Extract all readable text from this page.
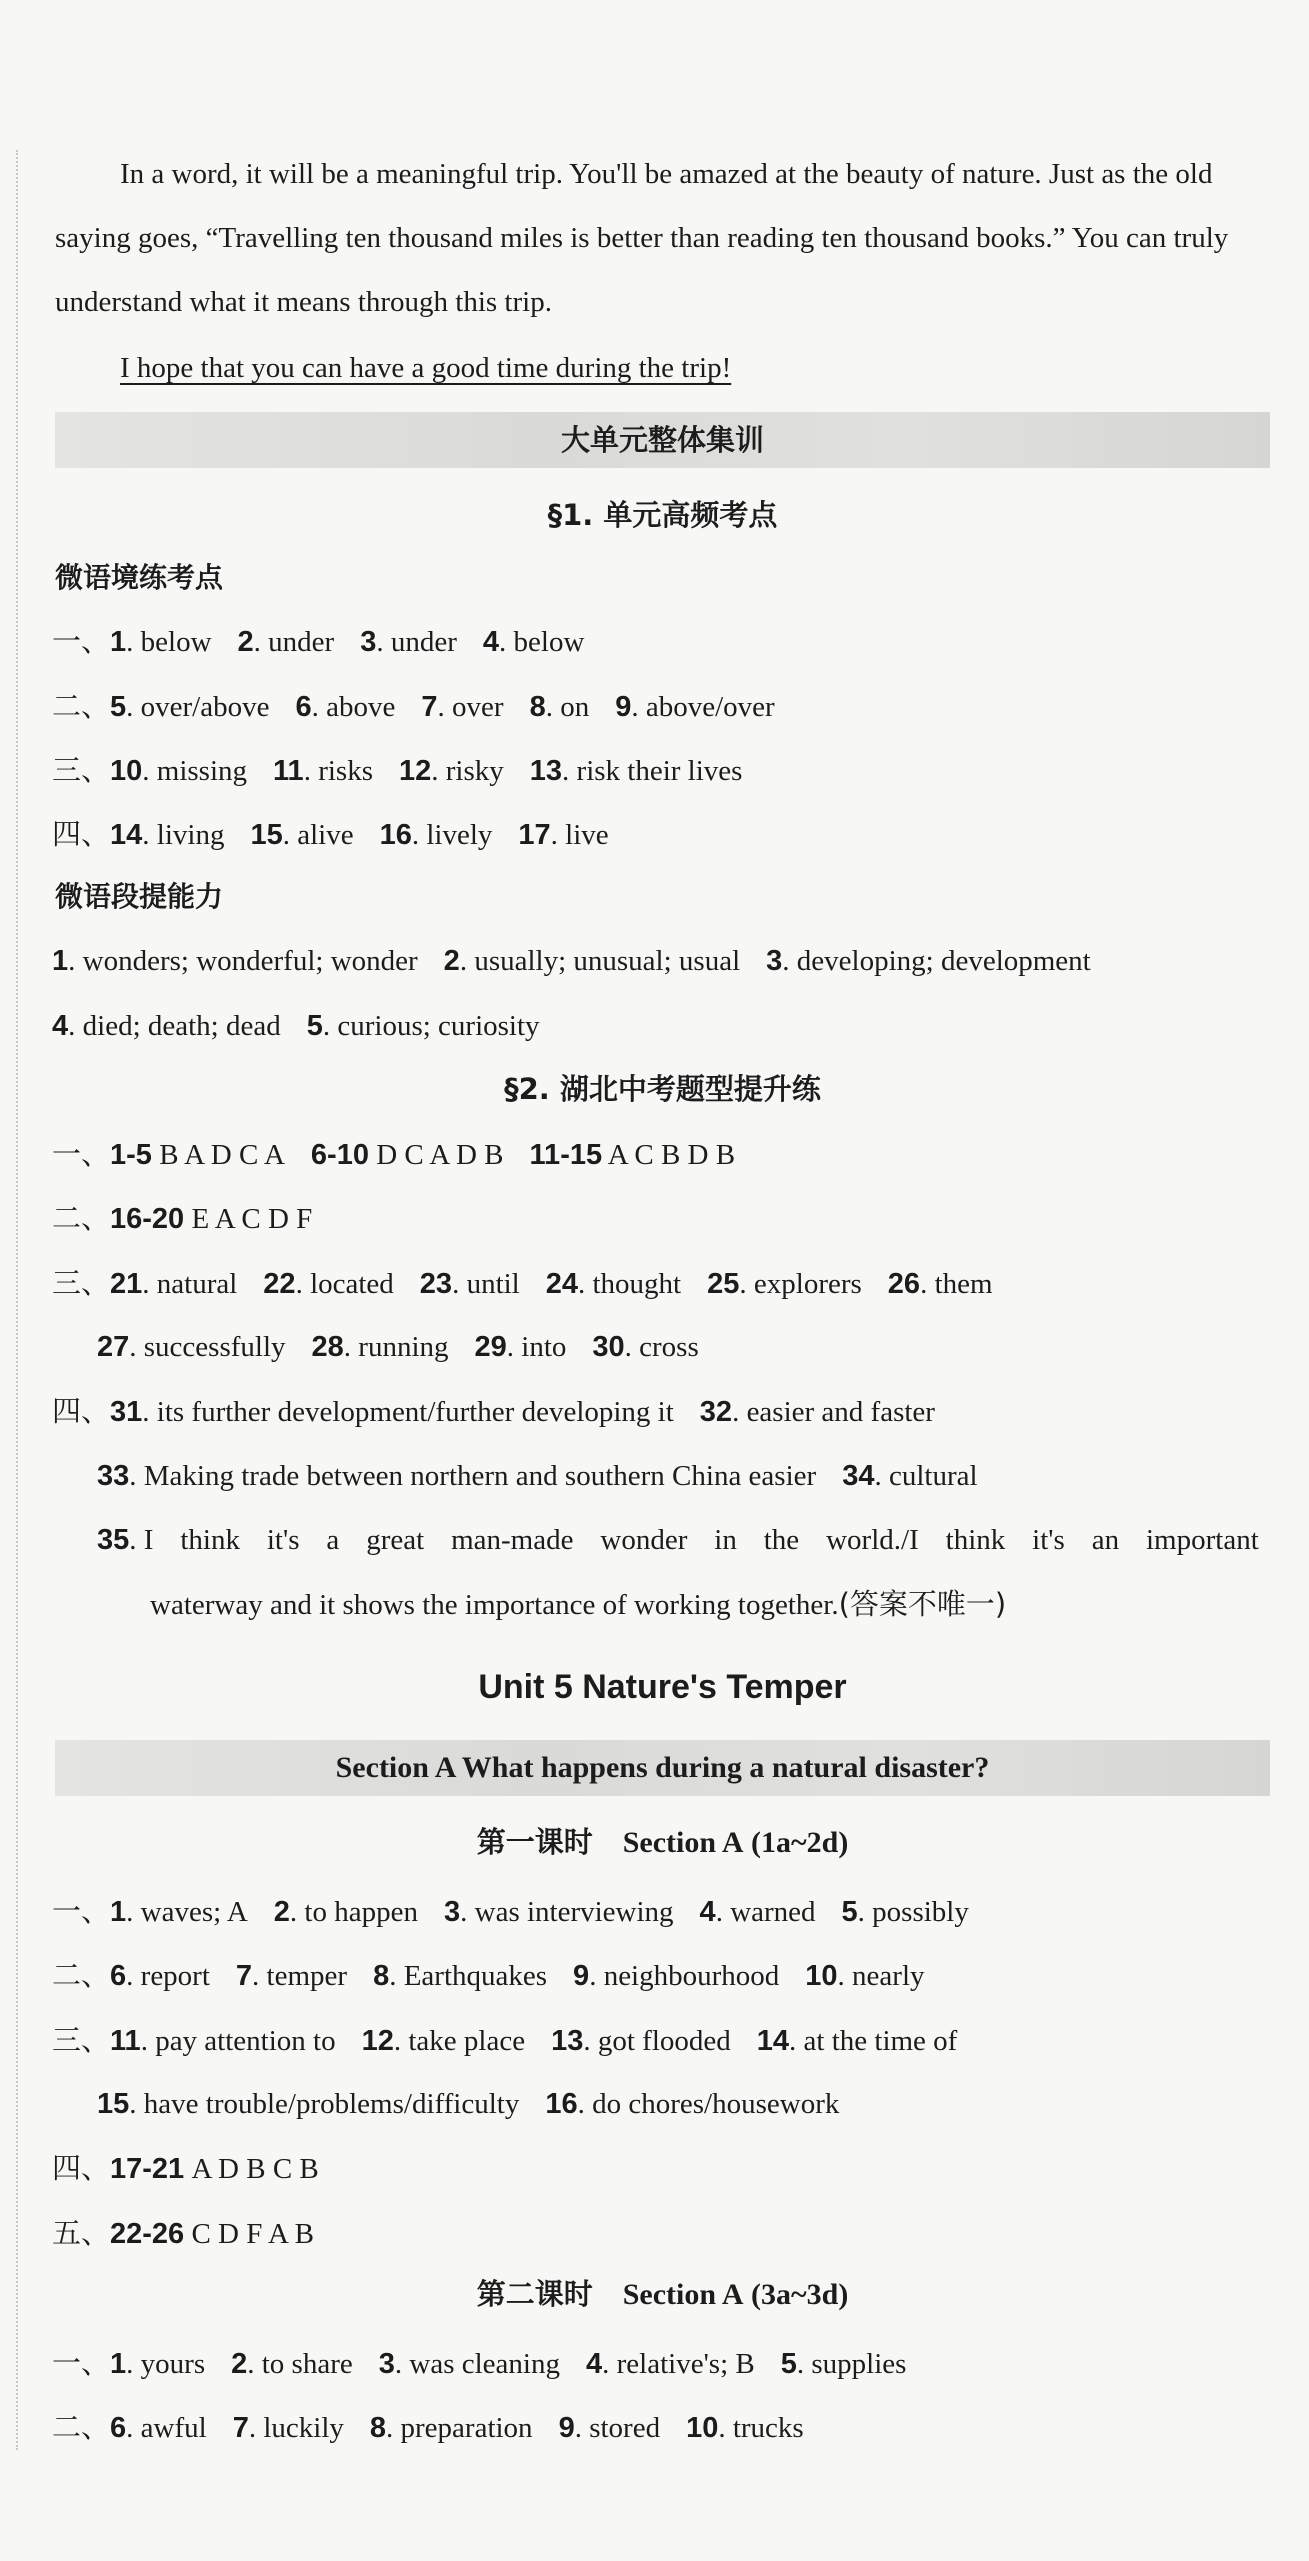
In a word, it will be a meaningful trip. You'll be amazed at the beauty of nature. Just as the old saying goes, “Travelling ten thousand miles is better than reading ten thousand books.” You can truly understand what it means through this trip.
I hope that you can have a good time during the trip!
大单元整体集训
§1. 单元高频考点
微语境练考点
一、1. below 2. under 3. under 4. below
二、5. over/above 6. above 7. over 8. on 9. above/over
三、10. missing 11. risks 12. risky 13. risk their lives
四、14. living 15. alive 16. lively 17. live
微语段提能力
1. wonders; wonderful; wonder 2. usually; unusual; usual 3. developing; development
4. died; death; dead 5. curious; curiosity
§2. 湖北中考题型提升练
一、1-5 B A D C A 6-10 D C A D B 11-15 A C B D B
二、16-20 E A C D F
三、21. natural 22. located 23. until 24. thought 25. explorers 26. them
27. successfully 28. running 29. into 30. cross
四、31. its further development/further developing it 32. easier and faster
33. Making trade between northern and southern China easier 34. cultural
35. I think it's a great man-made wonder in the world./I think it's an important
waterway and it shows the importance of working together.(答案不唯一)
Unit 5 Nature's Temper
Section A What happens during a natural disaster?
第一课时 Section A (1a~2d)
一、1. waves; A 2. to happen 3. was interviewing 4. warned 5. possibly
二、6. report 7. temper 8. Earthquakes 9. neighbourhood 10. nearly
三、11. pay attention to 12. take place 13. got flooded 14. at the time of
15. have trouble/problems/difficulty 16. do chores/housework
四、17-21 A D B C B
五、22-26 C D F A B
第二课时 Section A (3a~3d)
一、1. yours 2. to share 3. was cleaning 4. relative's; B 5. supplies
二、6. awful 7. luckily 8. preparation 9. stored 10. trucks
